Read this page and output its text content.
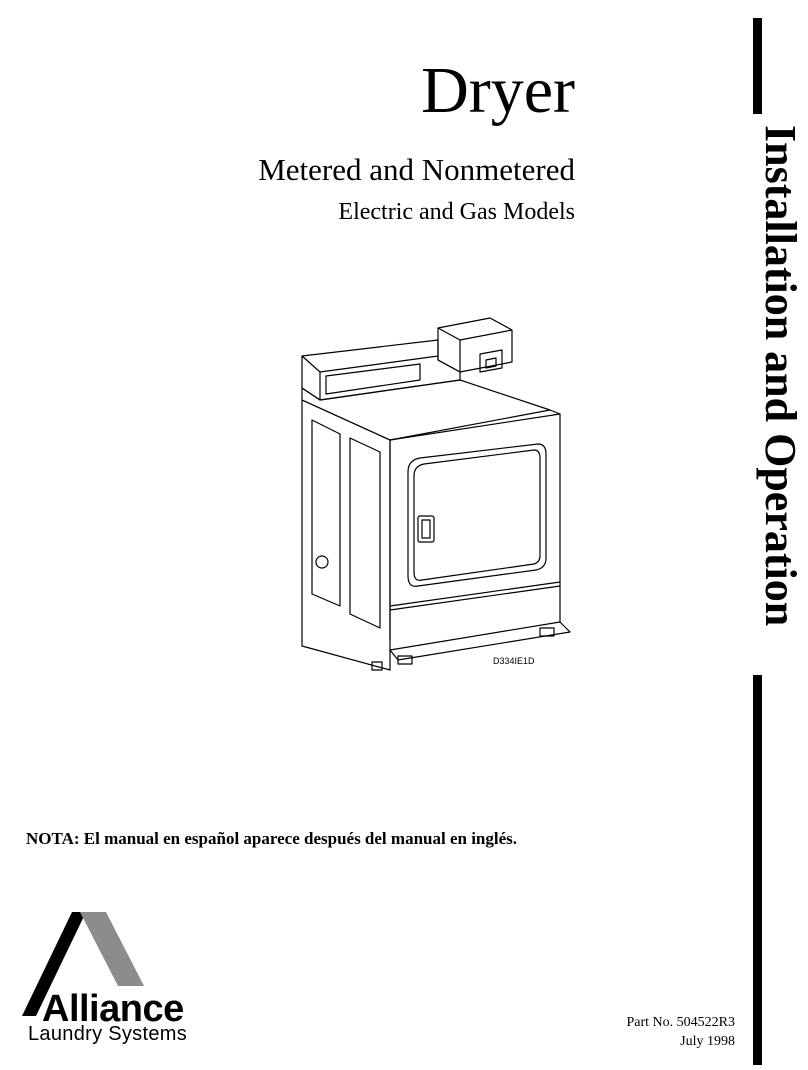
Dryer
Metered and Nonmetered
Electric and Gas Models	Installation and Operation
D334IE1D
NOTA: El manual en español aparece después del manual en inglés.
Alliance
Laundry Systems
Part No. 504522R3
July 1998
